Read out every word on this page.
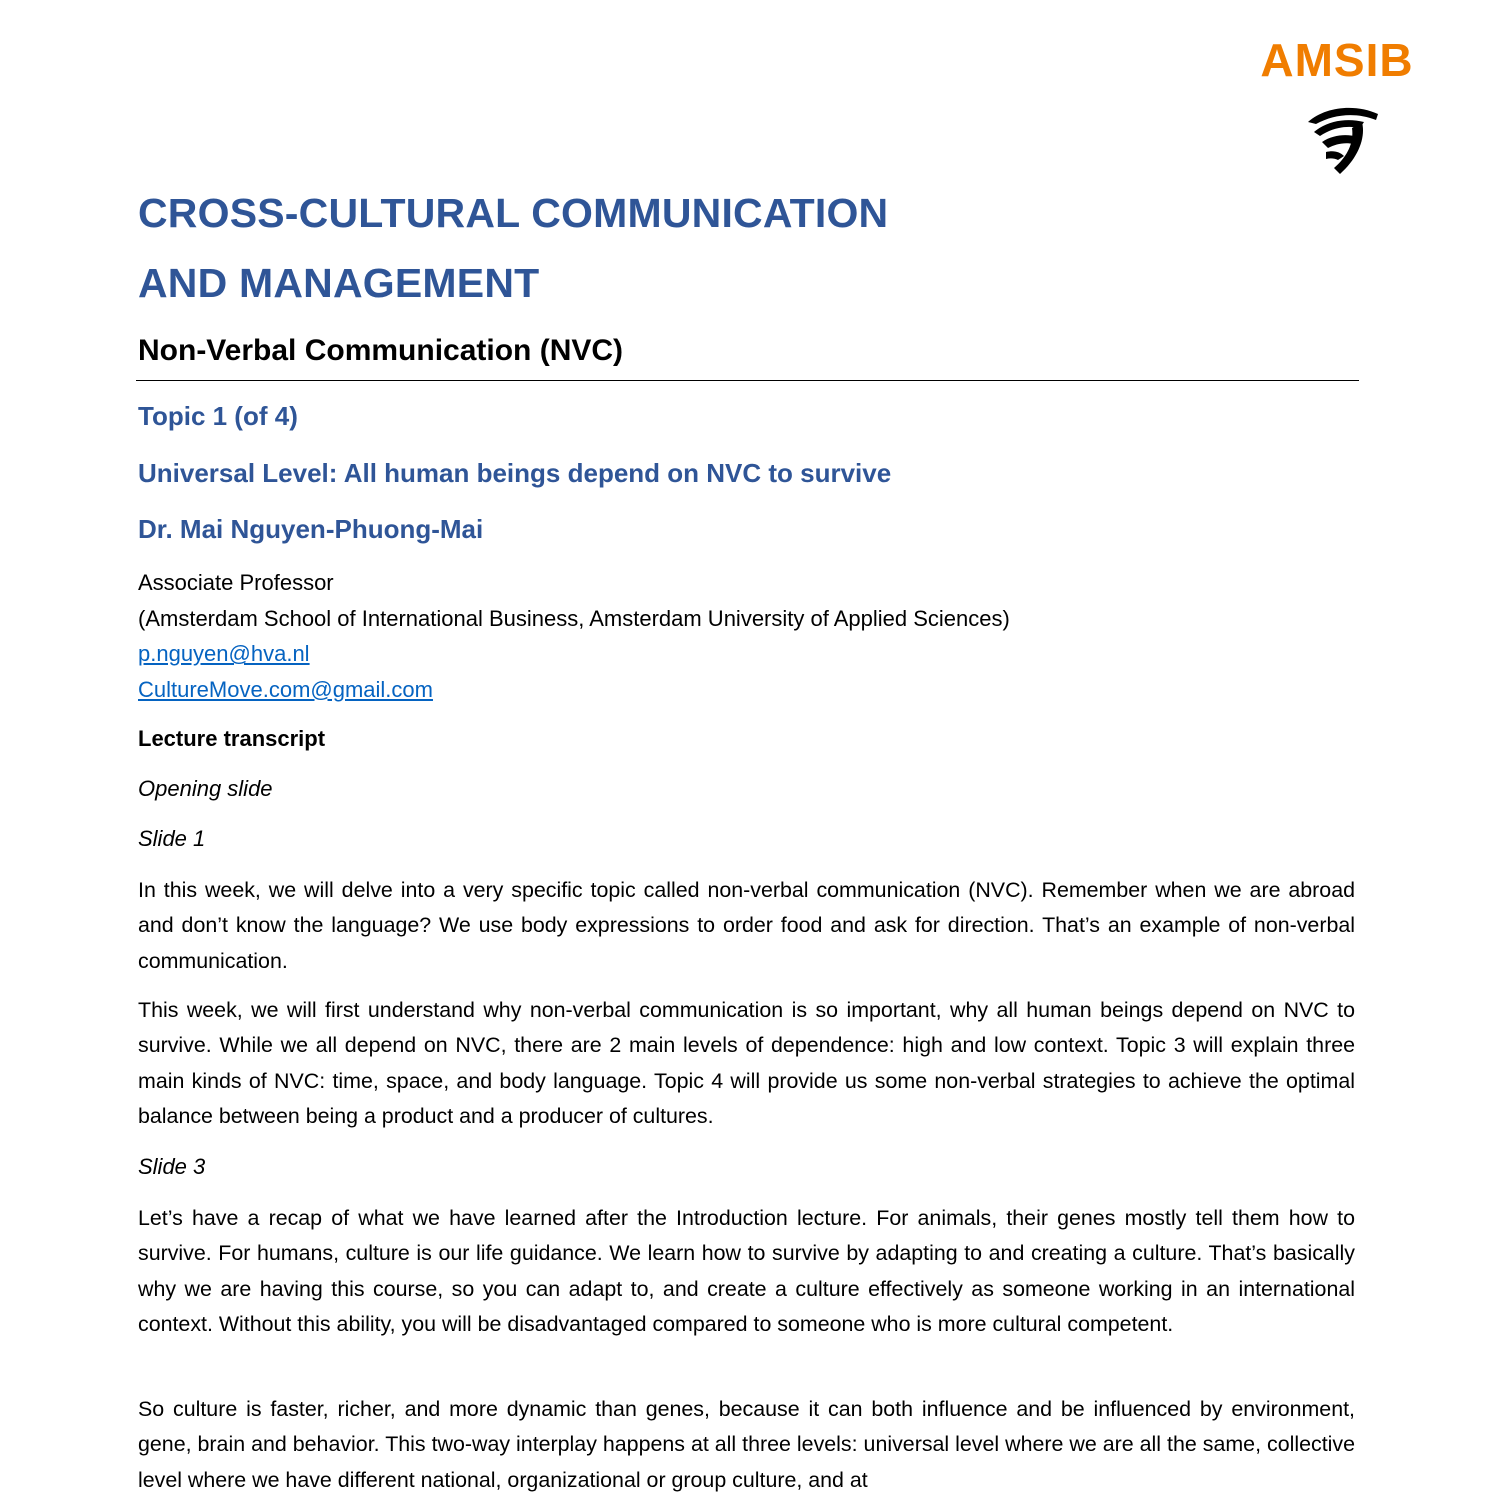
AMSIB
CROSS-CULTURAL COMMUNICATION
AND MANAGEMENT
Non-Verbal Communication (NVC)
Topic 1 (of 4)
Universal Level: All human beings depend on NVC to survive
Dr. Mai Nguyen-Phuong-Mai
Associate Professor
(Amsterdam School of International Business, Amsterdam University of Applied Sciences)
p.nguyen@hva.nl
CultureMove.com@gmail.com

Lecture transcript

Opening slide

Slide 1

In this week, we will delve into a very specific topic called non-verbal communication (NVC). Remember when we are abroad and don’t know the language? We use body expressions to order food and ask for direction. That’s an example of non-verbal communication.

This week, we will first understand why non-verbal communication is so important, why all human beings depend on NVC to survive. While we all depend on NVC, there are 2 main levels of dependence: high and low context. Topic 3 will explain three main kinds of NVC: time, space, and body language. Topic 4 will provide us some non-verbal strategies to achieve the optimal balance between being a product and a producer of cultures.

Slide 3

Let’s have a recap of what we have learned after the Introduction lecture. For animals, their genes mostly tell them how to survive. For humans, culture is our life guidance. We learn how to survive by adapting to and creating a culture. That’s basically why we are having this course, so you can adapt to, and create a culture effectively as someone working in an international context. Without this ability, you will be disadvantaged compared to someone who is more cultural competent.

So culture is faster, richer, and more dynamic than genes, because it can both influence and be influenced by environment, gene, brain and behavior. This two-way interplay happens at all three levels: universal level where we are all the same, collective level where we have different national, organizational or group culture, and at
